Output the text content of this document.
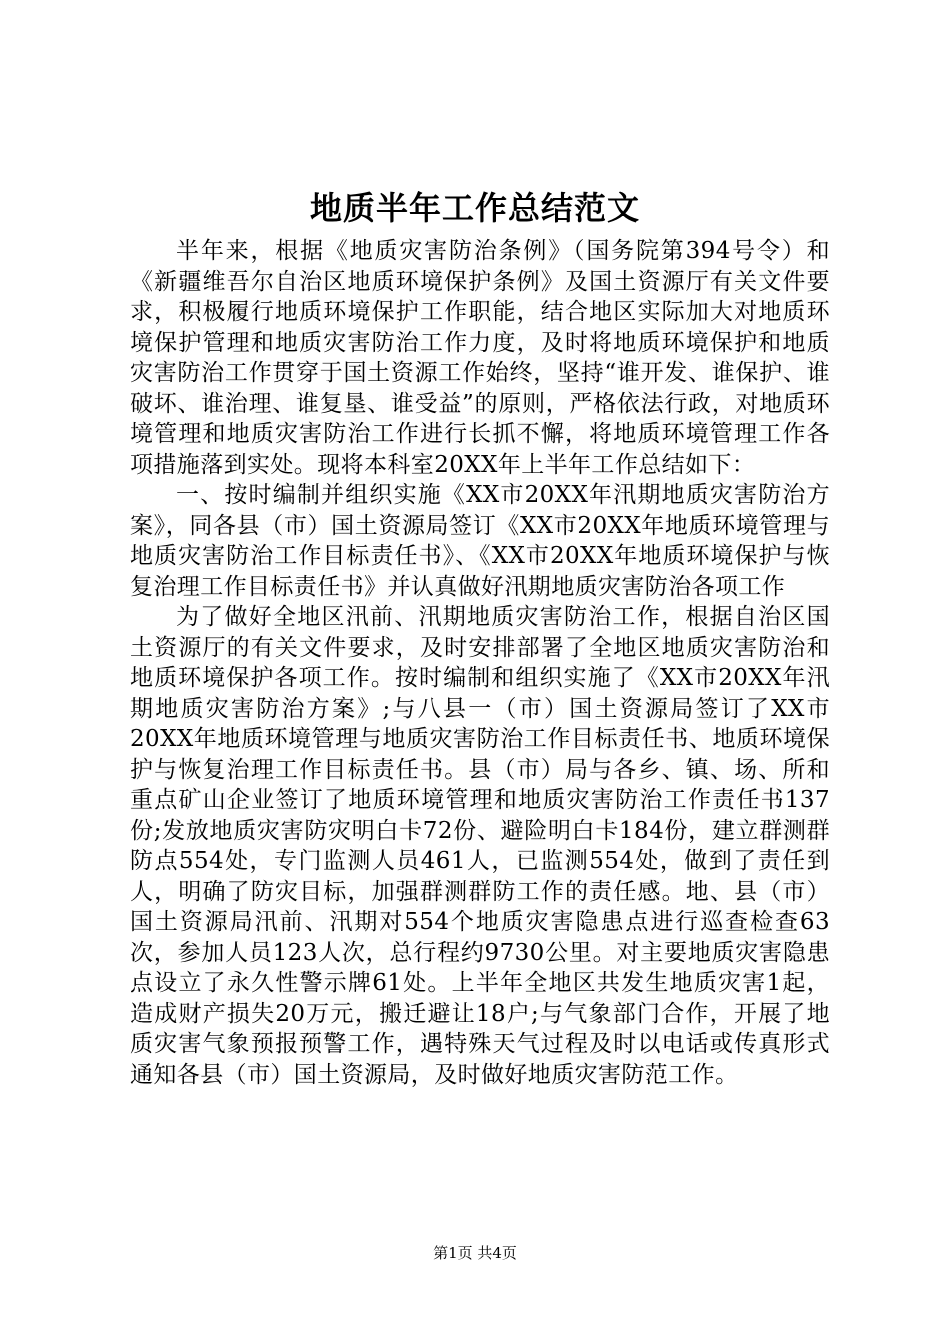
地质半年工作总结范文

半年来，根据《地质灾害防治条例》（国务院第394号令）和《新疆维吾尔自治区地质环境保护条例》及国土资源厅有关文件要求，积极履行地质环境保护工作职能，结合地区实际加大对地质环境保护管理和地质灾害防治工作力度，及时将地质环境保护和地质灾害防治工作贯穿于国土资源工作始终，坚持“谁开发、谁保护、谁破坏、谁治理、谁复垦、谁受益”的原则，严格依法行政，对地质环境管理和地质灾害防治工作进行长抓不懈，将地质环境管理工作各项措施落到实处。现将本科室20XX年上半年工作总结如下：

一、按时编制并组织实施《XX市20XX年汛期地质灾害防治方案》，同各县（市）国土资源局签订《XX市20XX年地质环境管理与地质灾害防治工作目标责任书》、《XX市20XX年地质环境保护与恢复治理工作目标责任书》并认真做好汛期地质灾害防治各项工作

为了做好全地区汛前、汛期地质灾害防治工作，根据自治区国土资源厅的有关文件要求，及时安排部署了全地区地质灾害防治和地质环境保护各项工作。按时编制和组织实施了《XX市20XX年汛期地质灾害防治方案》;与八县一（市）国土资源局签订了XX市20XX年地质环境管理与地质灾害防治工作目标责任书、地质环境保护与恢复治理工作目标责任书。县（市）局与各乡、镇、场、所和重点矿山企业签订了地质环境管理和地质灾害防治工作责任书137份;发放地质灾害防灾明白卡72份、避险明白卡184份，建立群测群防点554处，专门监测人员461人，已监测554处，做到了责任到人，明确了防灾目标，加强群测群防工作的责任感。地、县（市）国土资源局汛前、汛期对554个地质灾害隐患点进行巡查检查63次，参加人员123人次，总行程约9730公里。对主要地质灾害隐患点设立了永久性警示牌61处。上半年全地区共发生地质灾害1起，造成财产损失20万元，搬迁避让18户;与气象部门合作，开展了地质灾害气象预报预警工作，遇特殊天气过程及时以电话或传真形式通知各县（市）国土资源局，及时做好地质灾害防范工作。

第1页 共4页
